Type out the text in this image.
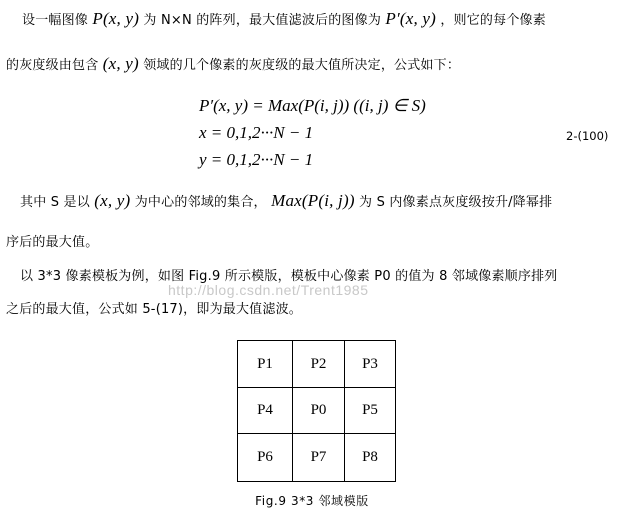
设一幅图像 P(x, y) 为 N×N 的阵列，最大值滤波后的图像为 P′(x, y) ，则它的每个像素
的灰度级由包含 (x, y) 领域的几个像素的灰度级的最大值所决定，公式如下：
P′(x, y) = Max(P(i, j)) ((i, j) ∈ S)
x = 0,1,2···N − 1
y = 0,1,2···N − 1
2-(100)
其中 S 是以 (x, y) 为中心的邻域的集合， Max(P(i, j)) 为 S 内像素点灰度级按升/降幂排
序后的最大值。
以 3*3 像素模板为例，如图 Fig.9 所示模版，模板中心像素 P0 的值为 8 邻域像素顺序排列
http://blog.csdn.net/Trent1985
之后的最大值，公式如 5-(17)，即为最大值滤波。
P1	P2	P3
P4	P0	P5
P6	P7	P8
Fig.9 3*3 邻域模版
